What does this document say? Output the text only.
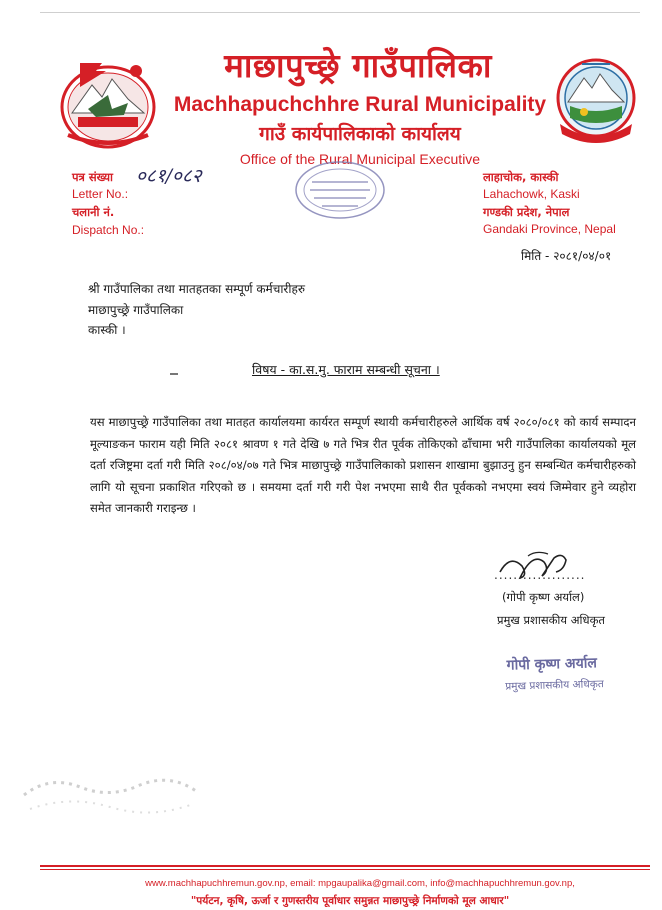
माछापुच्छ्रे गाउँपालिका
Machhapuchchhre Rural Municipality
गाउँ कार्यपालिकाको कार्यालय
Office of the Rural Municipal Executive
पत्र संख्या ०८१/०८२
Letter No.:
चलानी नं.
Dispatch No.:
लाहाचोक, कास्की
Lahachowk, Kaski
गण्डकी प्रदेश, नेपाल
Gandaki Province, Nepal
मिति - २०८१/०४/०१
श्री गाउँपालिका तथा मातहतका सम्पूर्ण कर्मचारीहरु
माछापुच्छ्रे गाउँपालिका
कास्की ।
विषय - का.स.मु. फाराम सम्बन्धी सूचना ।
यस माछापुच्छ्रे गाउँपालिका तथा मातहत कार्यालयमा कार्यरत सम्पूर्ण स्थायी कर्मचारीहरुले आर्थिक वर्ष २०८०/०८१ को कार्य सम्पादन मूल्याङकन फाराम यही मिति २०८१ श्रावण १ गते देखि ७ गते भित्र रीत पूर्वक तोकिएको ढाँचामा भरी गाउँपालिका कार्यालयको मूल दर्ता रजिष्ट्रमा दर्ता गरी मिति २०८/०४/०७ गते भित्र माछापुच्छ्रे गाउँपालिकाको प्रशासन शाखामा बुझाउनु हुन सम्बन्धित कर्मचारीहरुको लागि यो सूचना प्रकाशित गरिएको छ । समयमा दर्ता गरी गरी पेश नभएमा साथै रीत पूर्वकको नभएमा स्वयं जिम्मेवार हुने व्यहोरा समेत जानकारी गराइन्छ ।
...................
(गोपी कृष्ण अर्याल)
प्रमुख प्रशासकीय अधिकृत
गोपी कृष्ण अर्याल
प्रमुख प्रशासकीय अधिकृत
www.machhapuchhremun.gov.np, email: mpgaupalika@gmail.com, info@machhapuchhremun.gov.np,
"पर्यटन, कृषि, ऊर्जा र गुणस्तरीय पूर्वाधार समुन्नत माछापुच्छ्रे निर्माणको मूल आधार"
